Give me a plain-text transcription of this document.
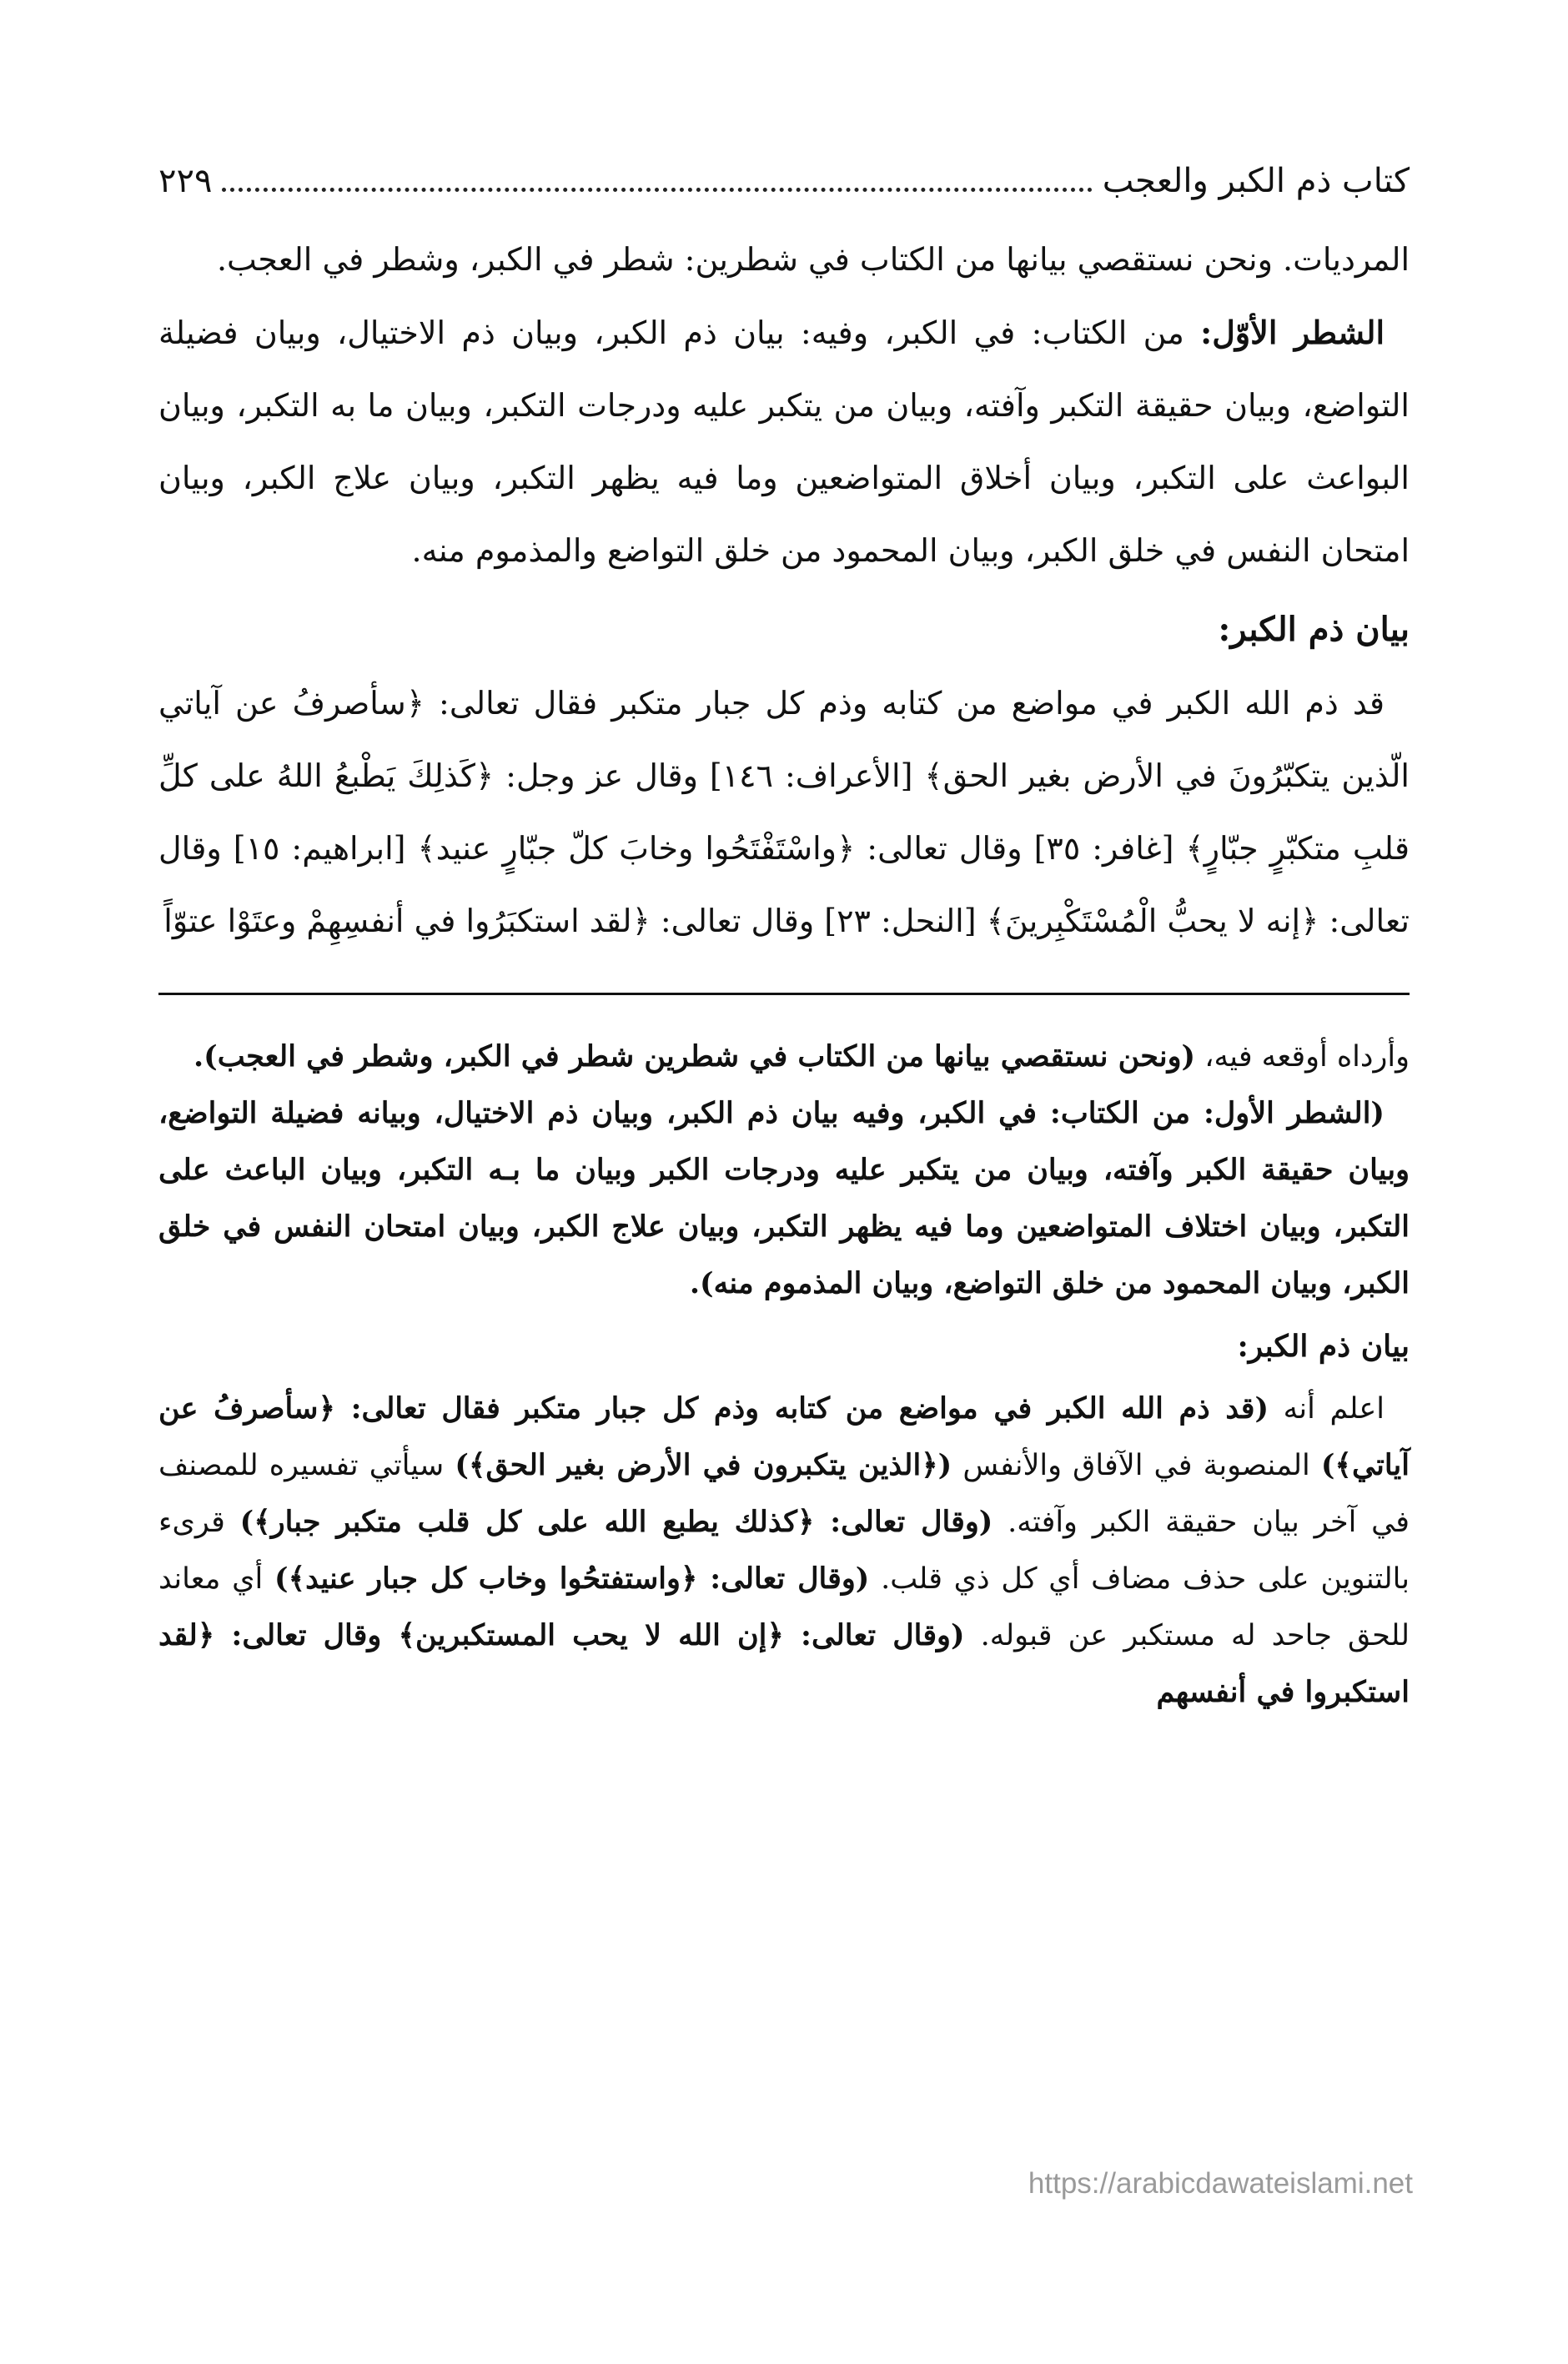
كتاب ذم الكبر والعجب
٢٢٩

المرديات. ونحن نستقصي بيانها من الكتاب في شطرين: شطر في الكبر، وشطر في العجب.

الشطر الأوّل: من الكتاب: في الكبر، وفيه: بيان ذم الكبر، وبيان ذم الاختيال، وبيان فضيلة التواضع، وبيان حقيقة التكبر وآفته، وبيان من يتكبر عليه ودرجات التكبر، وبيان ما به التكبر، وبيان البواعث على التكبر، وبيان أخلاق المتواضعين وما فيه يظهر التكبر، وبيان علاج الكبر، وبيان امتحان النفس في خلق الكبر، وبيان المحمود من خلق التواضع والمذموم منه.

بيان ذم الكبر:

قد ذم الله الكبر في مواضع من كتابه وذم كل جبار متكبر فقال تعالى: ﴿سأصرفُ عن آياتي الّذين يتكبّرُونَ في الأرض بغير الحق﴾ [الأعراف: ١٤٦] وقال عز وجل: ﴿كَذلِكَ يَطْبعُ اللهُ على كلِّ قلبِ متكبّرٍ جبّارٍ﴾ [غافر: ٣٥] وقال تعالى: ﴿واسْتَفْتَحُوا وخابَ كلّ جبّارٍ عنيد﴾ [ابراهيم: ١٥] وقال تعالى: ﴿إنه لا يحبُّ الْمُسْتَكْبِرينَ﴾ [النحل: ٢٣] وقال تعالى: ﴿لقد استكبَرُوا في أنفسِهِمْ وعتَوْا عتوّاً

وأرداه أوقعه فيه، (ونحن نستقصي بيانها من الكتاب في شطرين شطر في الكبر، وشطر في العجب).

(الشطر الأول: من الكتاب: في الكبر، وفيه بيان ذم الكبر، وبيان ذم الاختيال، وبيانه فضيلة التواضع، وبيان حقيقة الكبر وآفته، وبيان من يتكبر عليه ودرجات الكبر وبيان ما بـه التكبر، وبيان الباعث على التكبر، وبيان اختلاف المتواضعين وما فيه يظهر التكبر، وبيان علاج الكبر، وبيان امتحان النفس في خلق الكبر، وبيان المحمود من خلق التواضع، وبيان المذموم منه).

بيان ذم الكبر:

اعلم أنه (قد ذم الله الكبر في مواضع من كتابه وذم كل جبار متكبر فقال تعالى: ﴿سأصرفُ عن آياتي﴾) المنصوبة في الآفاق والأنفس (﴿الذين يتكبرون في الأرض بغير الحق﴾) سيأتي تفسيره للمصنف في آخر بيان حقيقة الكبر وآفته. (وقال تعالى: ﴿كذلك يطبع الله على كل قلب متكبر جبار﴾) قرىء بالتنوين على حذف مضاف أي كل ذي قلب. (وقال تعالى: ﴿واستفتحُوا وخاب كل جبار عنيد﴾) أي معاند للحق جاحد له مستكبر عن قبوله. (وقال تعالى: ﴿إن الله لا يحب المستكبرين﴾ وقال تعالى: ﴿لقد استكبروا في أنفسهم

https://arabicdawateislami.net
